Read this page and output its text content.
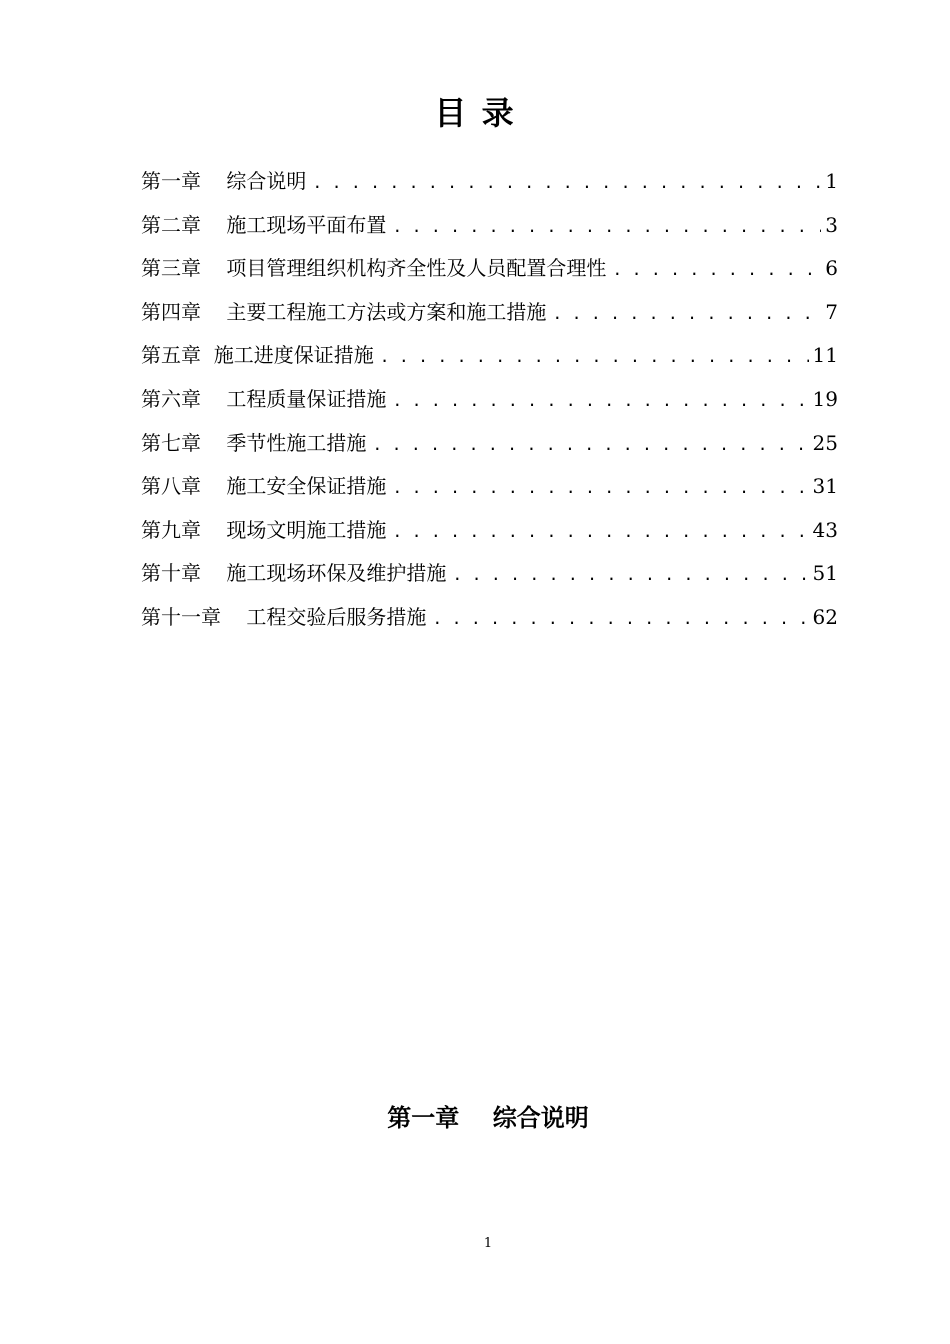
目 录
第一章    综合说明 . . .	1
第二章    施工现场平面布置 . . .	3
第三章    项目管理组织机构齐全性及人员配置合理性 . . .	6
第四章    主要工程施工方法或方案和施工措施 . . .	7
第五章  施工进度保证措施 . . .	11
第六章    工程质量保证措施 . . .	19
第七章    季节性施工措施 . . .	25
第八章    施工安全保证措施 . . .	31
第九章    现场文明施工措施 . . .	43
第十章    施工现场环保及维护措施 . . .	51
第十一章    工程交验后服务措施 . . .	62
第一章    综合说明
1
